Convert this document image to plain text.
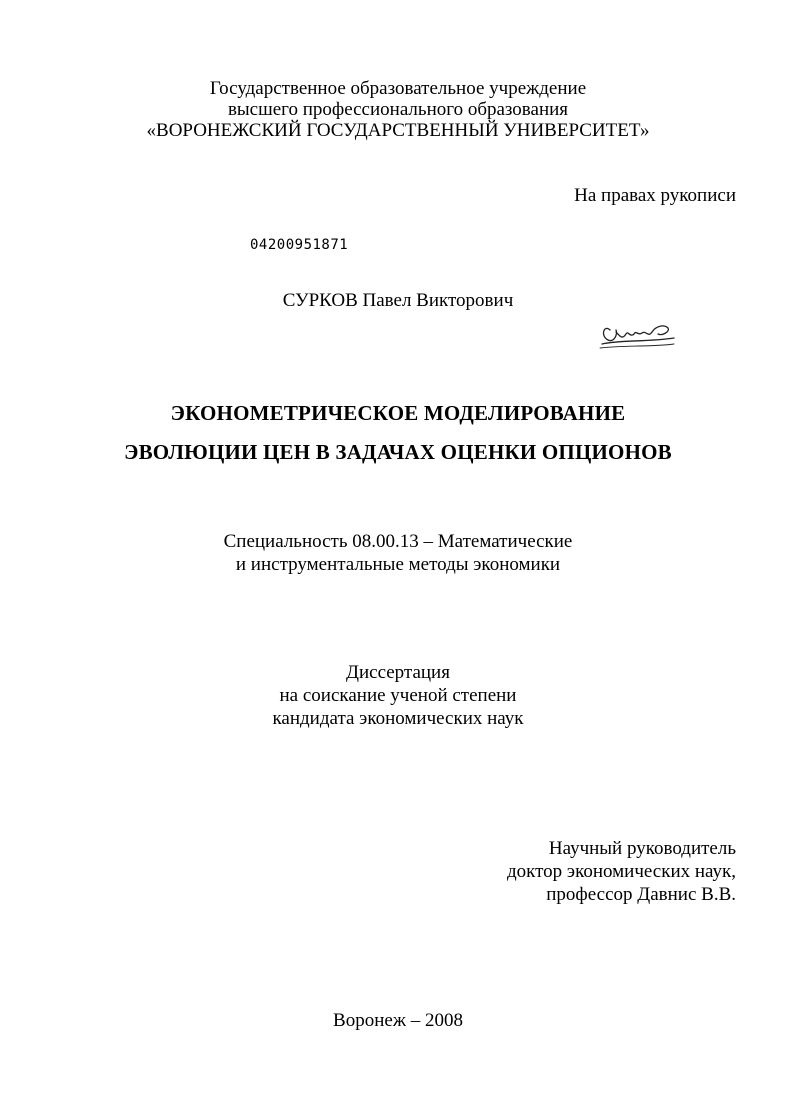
Государственное образовательное учреждение
высшего профессионального образования
«ВОРОНЕЖСКИЙ ГОСУДАРСТВЕННЫЙ УНИВЕРСИТЕТ»
На правах рукописи
04200951871
СУРКОВ Павел Викторович
ЭКОНОМЕТРИЧЕСКОЕ МОДЕЛИРОВАНИЕ
ЭВОЛЮЦИИ ЦЕН В ЗАДАЧАХ ОЦЕНКИ ОПЦИОНОВ
Специальность 08.00.13 – Математические
и инструментальные методы экономики
Диссертация
на соискание ученой степени
кандидата экономических наук
Научный руководитель
доктор экономических наук,
профессор Давнис В.В.
Воронеж – 2008
